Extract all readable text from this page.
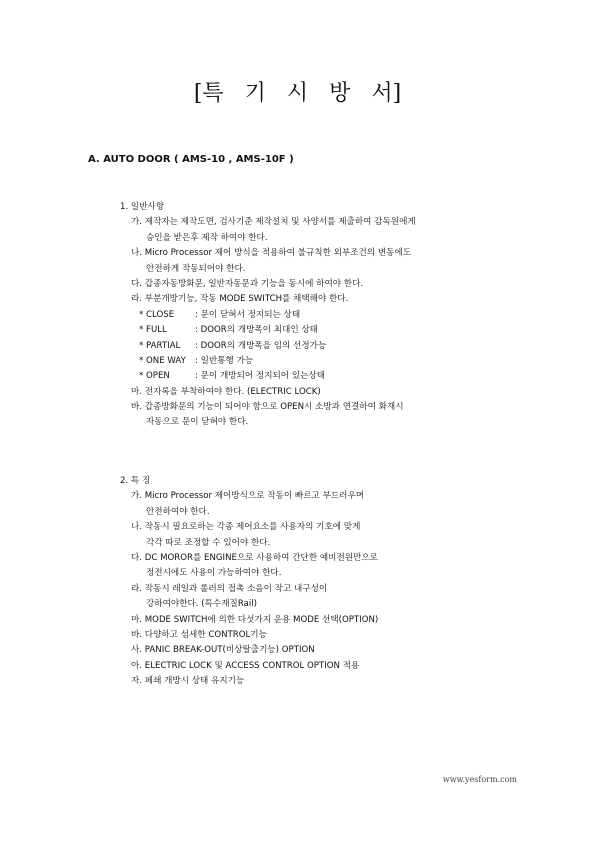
[특   기   시   방   서]
A. AUTO DOOR ( AMS-10 , AMS-10F )
1. 일반사항
가. 제작자는 제작도면, 검사기준 제작설치 및 사양서를 제출하여 감독원에게
승인을 받은후 제작 하여야 한다.
나. Micro Processor 제어 방식을 적용하여 불규칙한 외부조건의 변동에도
안전하게 작동되어야 한다.
다. 갑종자동방화문, 일반자동문과 기능을 동시에 하여야 한다.
라. 부분개방기능, 작동 MODE SWITCH를 채택해야 한다.
* CLOSE	: 문이 닫혀서 정지되는 상태
* FULL	: DOOR의 개방폭이 최대인 상태
* PARTIAL	: DOOR의 개방폭을 임의 선정가능
* ONE WAY	: 일반통행 가능
* OPEN	: 문이 개방되어 정지되어 있는상태
마. 전자록을 부착하여야 한다. (ELECTRIC LOCK)
바. 갑종방화문의 기능이 되어야 함으로 OPEN시 소방과 연결하여 화재시
자동으로 문이 닫혀야 한다.
2. 특 징
가. Micro Processor 제어방식으로 작동이 빠르고 부드러우며
안전하여야 한다.
나. 작동시 필요로하는 각종 제어요소를 사용자의 기호에 맞게
각각 따로 조정할 수 있어야 한다.
다. DC MOROR를 ENGINE으로 사용하여 간단한 예비전원만으로
정전시에도 사용이 가능하여야 한다.
라. 작동시 레일과 롤러의 접촉 소음이 작고 내구성이
강하여야한다. (특수재질Rail)
마. MODE SWITCH에 의한 다섯가지 운용 MODE 선택(OPTION)
바. 다양하고 섬세한 CONTROL기능
사. PANIC BREAK-OUT(비상탈출기능) OPTION
아. ELECTRIC LOCK 및 ACCESS CONTROL OPTION 적용
자. 페쇄 개방시 상태 유지기능
www.yesform.com
